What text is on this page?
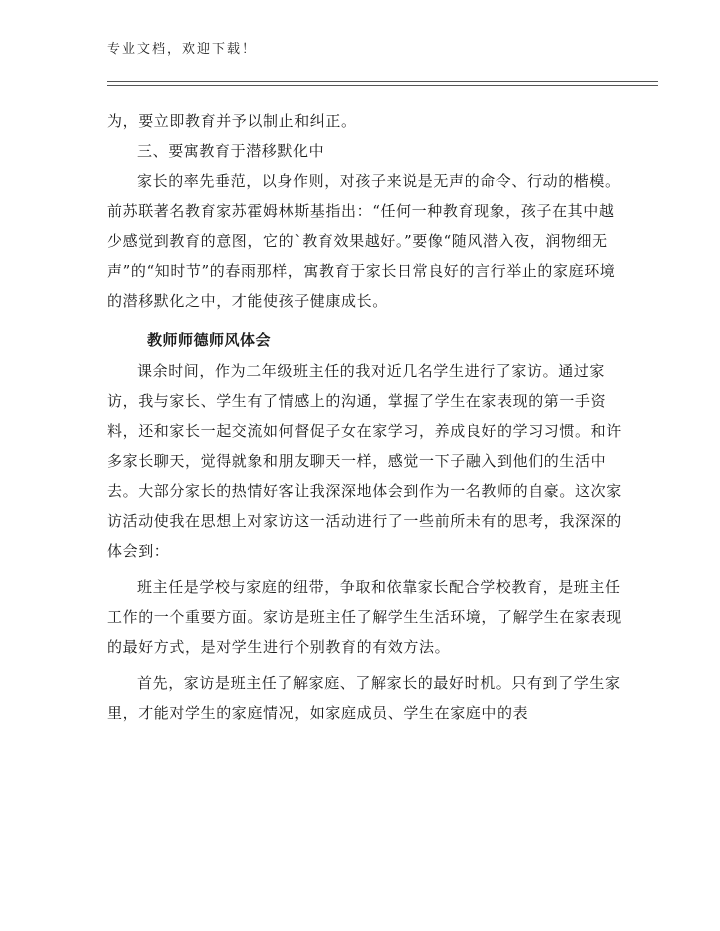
专业文档，欢迎下载！

为，要立即教育并予以制止和纠正。

三、要寓教育于潜移默化中

家长的率先垂范，以身作则，对孩子来说是无声的命令、行动的楷模。前苏联著名教育家苏霍姆林斯基指出：“任何一种教育现象，孩子在其中越少感觉到教育的意图，它的`教育效果越好。”要像“随风潜入夜，润物细无声”的“知时节”的春雨那样，寓教育于家长日常良好的言行举止的家庭环境的潜移默化之中，才能使孩子健康成长。

教师师德师风体会

课余时间，作为二年级班主任的我对近几名学生进行了家访。通过家访，我与家长、学生有了情感上的沟通，掌握了学生在家表现的第一手资料，还和家长一起交流如何督促子女在家学习，养成良好的学习习惯。和许多家长聊天，觉得就象和朋友聊天一样，感觉一下子融入到他们的生活中去。大部分家长的热情好客让我深深地体会到作为一名教师的自豪。这次家访活动使我在思想上对家访这一活动进行了一些前所未有的思考，我深深的体会到：

班主任是学校与家庭的纽带，争取和依靠家长配合学校教育，是班主任工作的一个重要方面。家访是班主任了解学生生活环境，了解学生在家表现的最好方式，是对学生进行个别教育的有效方法。

首先，家访是班主任了解家庭、了解家长的最好时机。只有到了学生家里，才能对学生的家庭情况，如家庭成员、学生在家庭中的表
